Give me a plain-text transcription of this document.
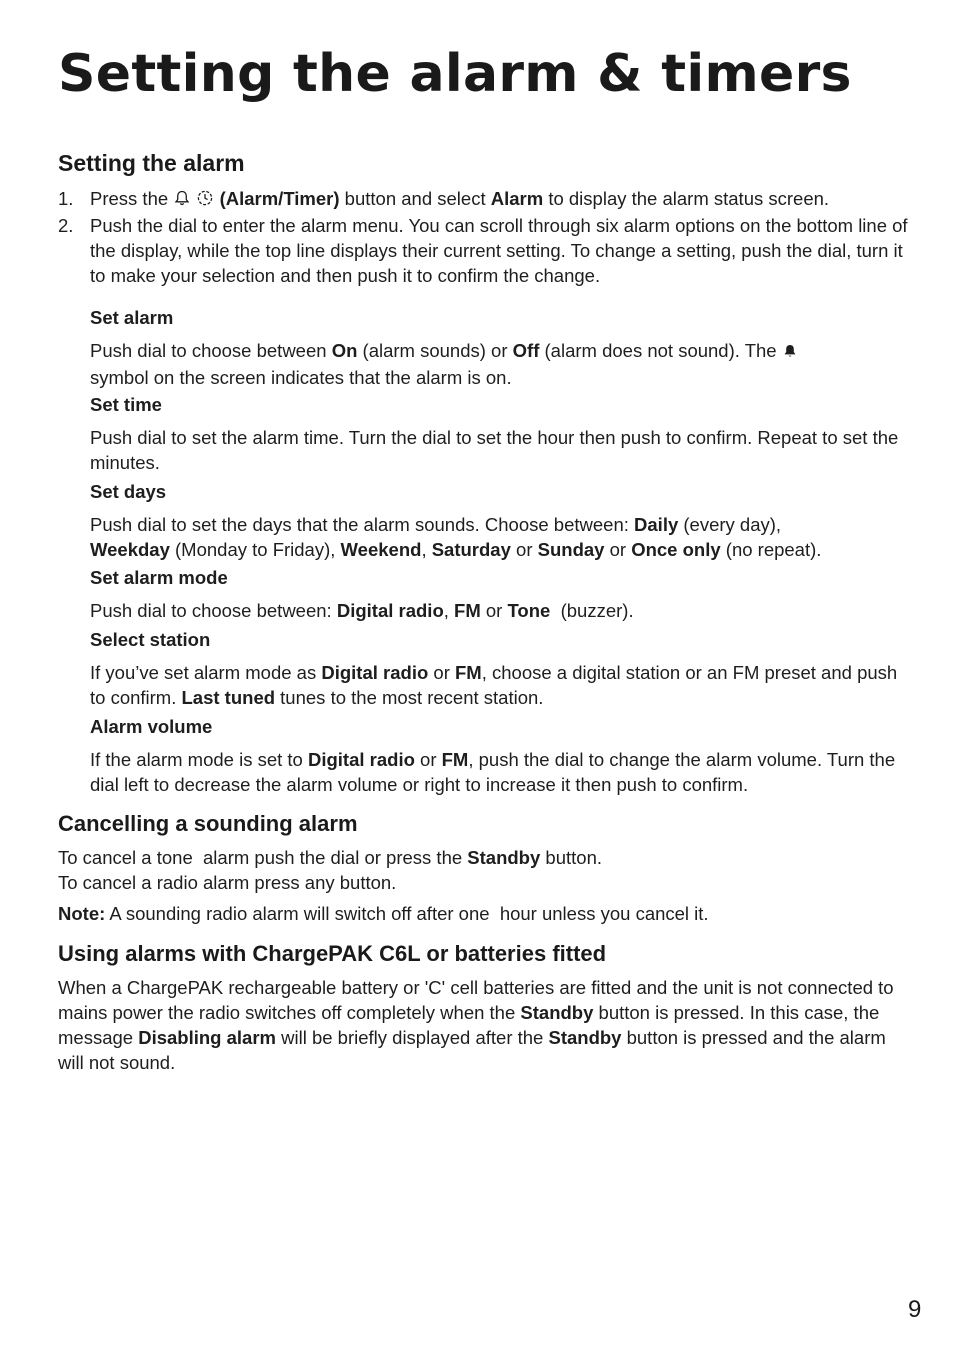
Setting the alarm & timers
Setting the alarm
1. Press the	(Alarm/Timer) button and select Alarm to display the alarm status screen.
2. Push the dial to enter the alarm menu. You can scroll through six alarm options on the bottom line of the display, while the top line displays their current setting. To change a setting, push the dial, turn it to make your selection and then push it to confirm the change.

Set alarm

Push dial to choose between On (alarm sounds) or Off (alarm does not sound). The
symbol on the screen indicates that the alarm is on.

Set time

Push dial to set the alarm time. Turn the dial to set the hour then push to confirm. Repeat to set the minutes.

Set days

Push dial to set the days that the alarm sounds. Choose between: Daily (every day),
Weekday (Monday to Friday), Weekend, Saturday or Sunday or Once only (no repeat).

Set alarm mode

Push dial to choose between: Digital radio, FM or Tone  (buzzer).

Select station

If you’ve set alarm mode as Digital radio or FM, choose a digital station or an FM preset and push to confirm. Last tuned tunes to the most recent station.

Alarm volume

If the alarm mode is set to Digital radio or FM, push the dial to change the alarm volume. Turn the dial left to decrease the alarm volume or right to increase it then push to confirm.

Cancelling a sounding alarm

To cancel a tone  alarm push the dial or press the Standby button.
To cancel a radio alarm press any button.

Note: A sounding radio alarm will switch off after one  hour unless you cancel it.

Using alarms with ChargePAK C6L or batteries fitted

When a ChargePAK rechargeable battery or 'C' cell batteries are fitted and the unit is not connected to mains power the radio switches off completely when the Standby button is pressed. In this case, the message Disabling alarm will be briefly displayed after the Standby button is pressed and the alarm will not sound.

9
